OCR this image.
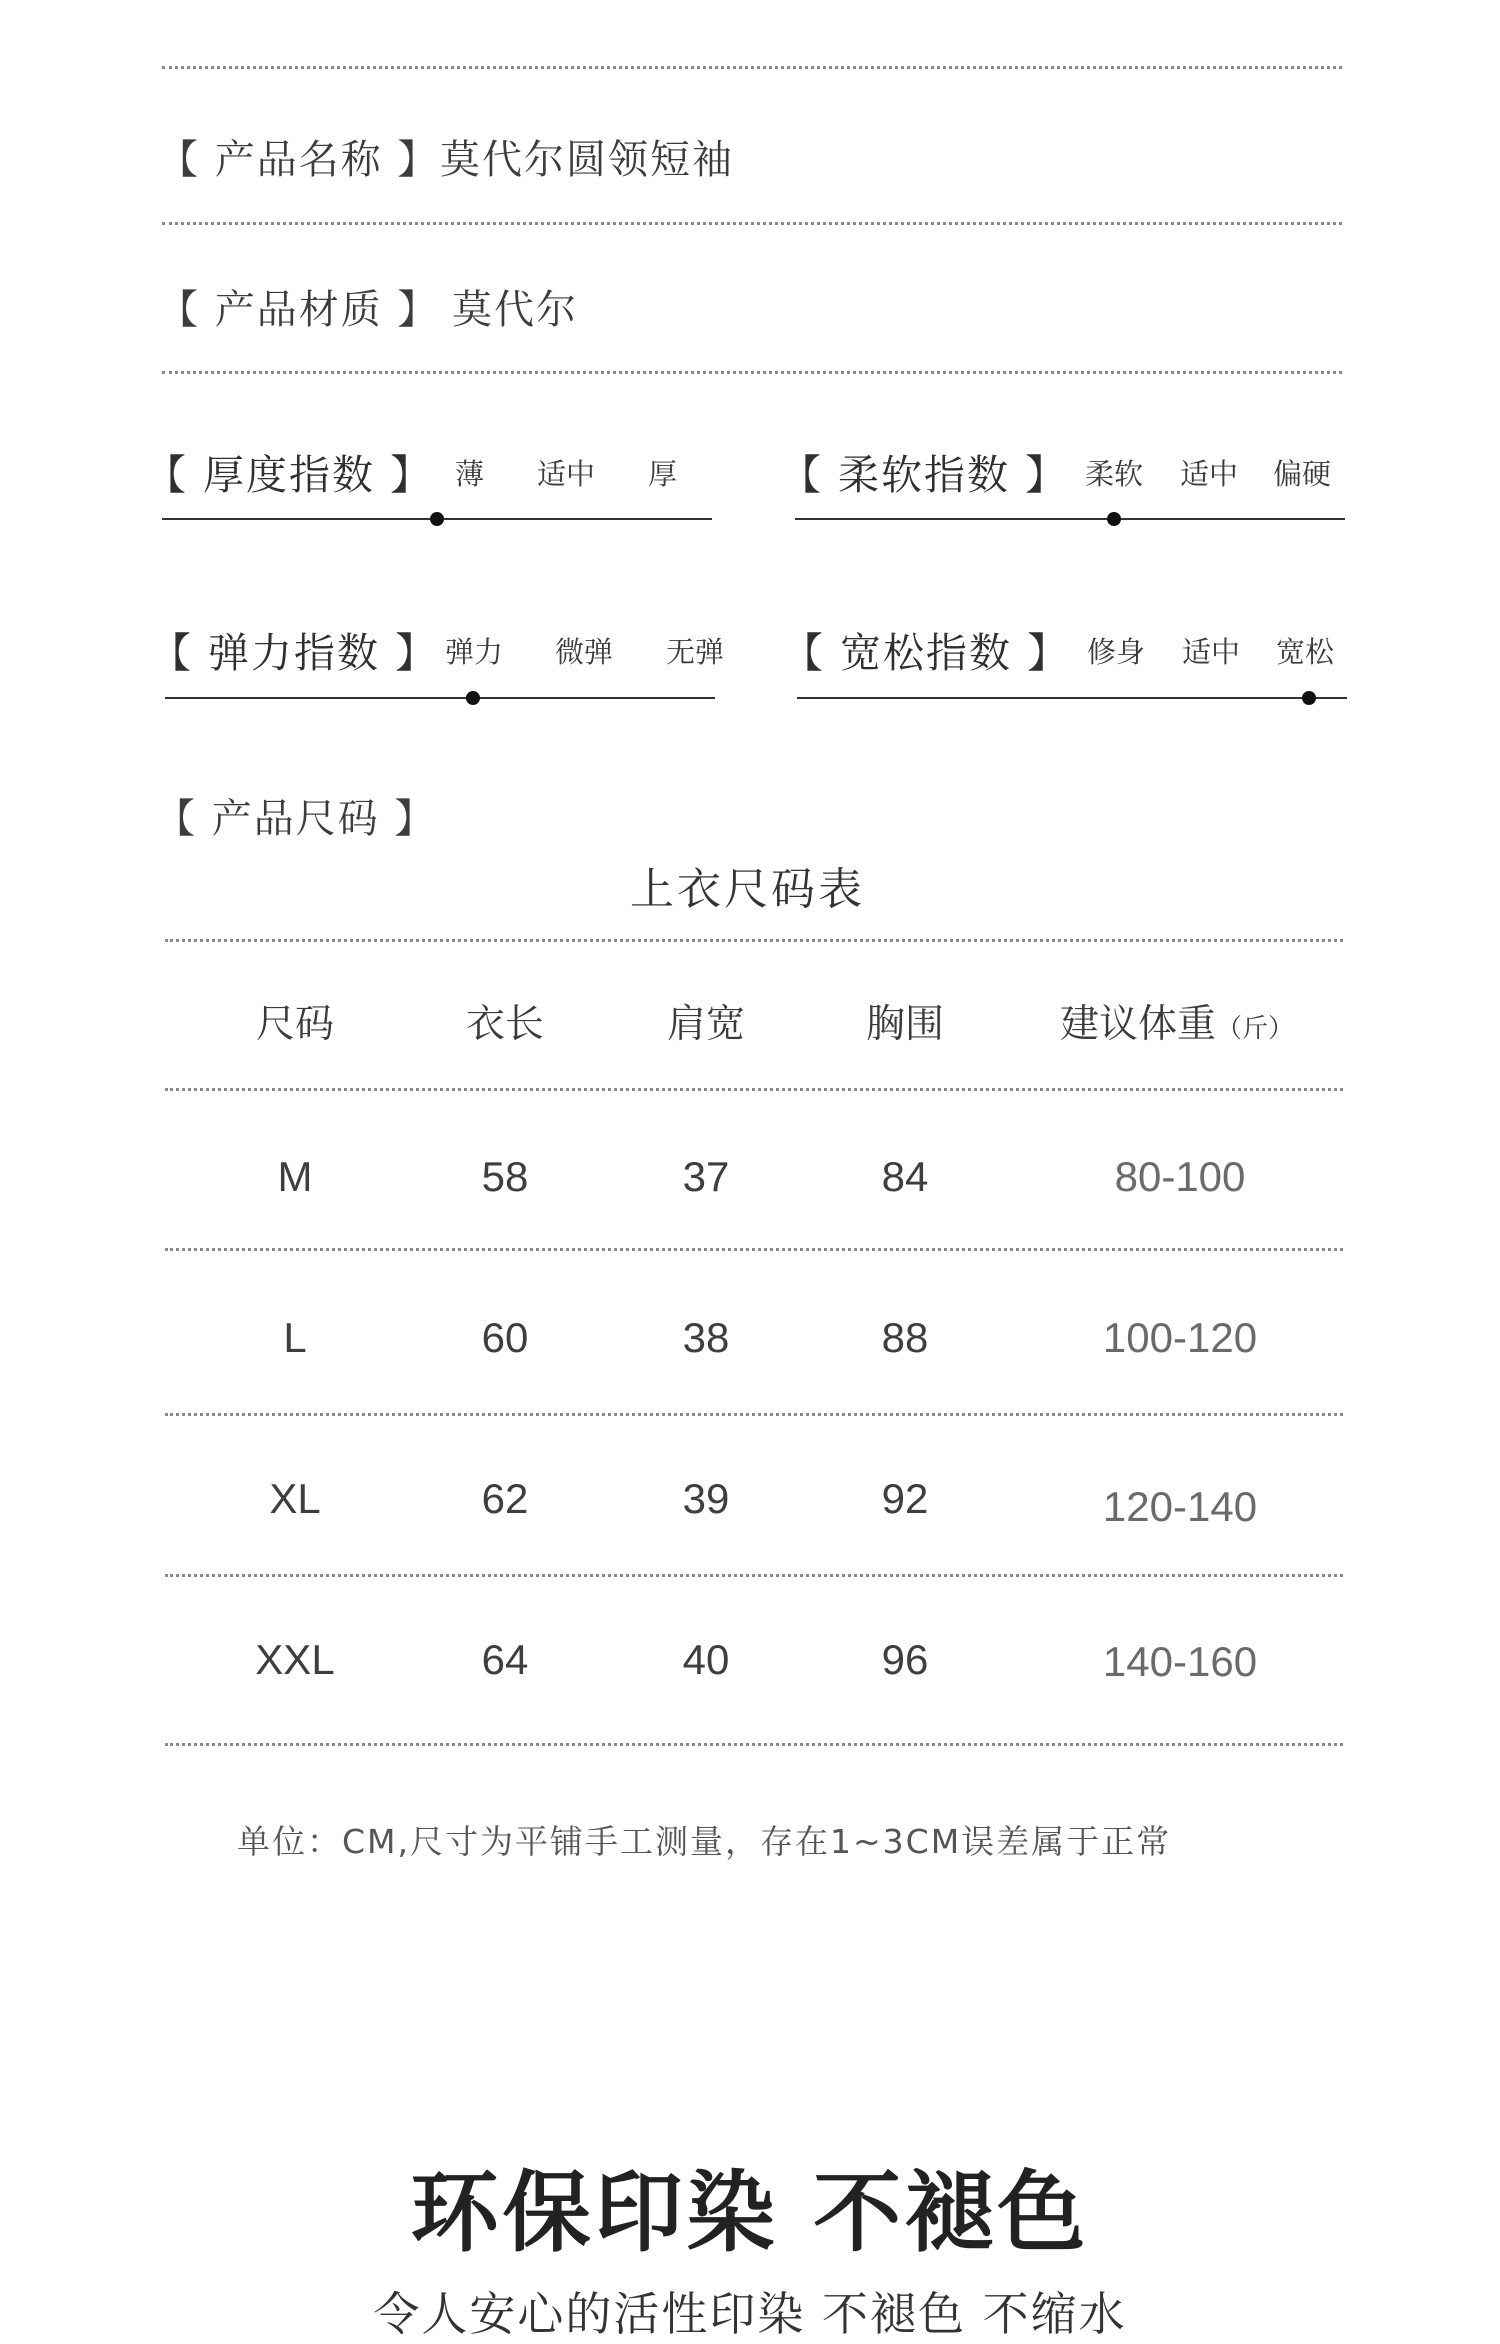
【 产品名称 】 莫代尔圆领短袖
【 产品材质 】 莫代尔
【 厚度指数 】 薄 适中 厚	【 柔软指数 】 柔软 适中 偏硬
【 弹力指数 】 弹力 微弹 无弹 【 宽松指数 】 修身 适中 宽松
【 产品尺码 】
上衣尺码表
尺码	衣长	肩宽	胸围	建议体重（斤）
M	58	37	84	80-100
L	60	38	88	100-120
XL	62	39	92	120-140
XXL	64	40	96	140-160
单位：CM,尺寸为平铺手工测量，存在1~3CM误差属于正常
环保印染 不褪色
令人安心的活性印染 不褪色 不缩水
